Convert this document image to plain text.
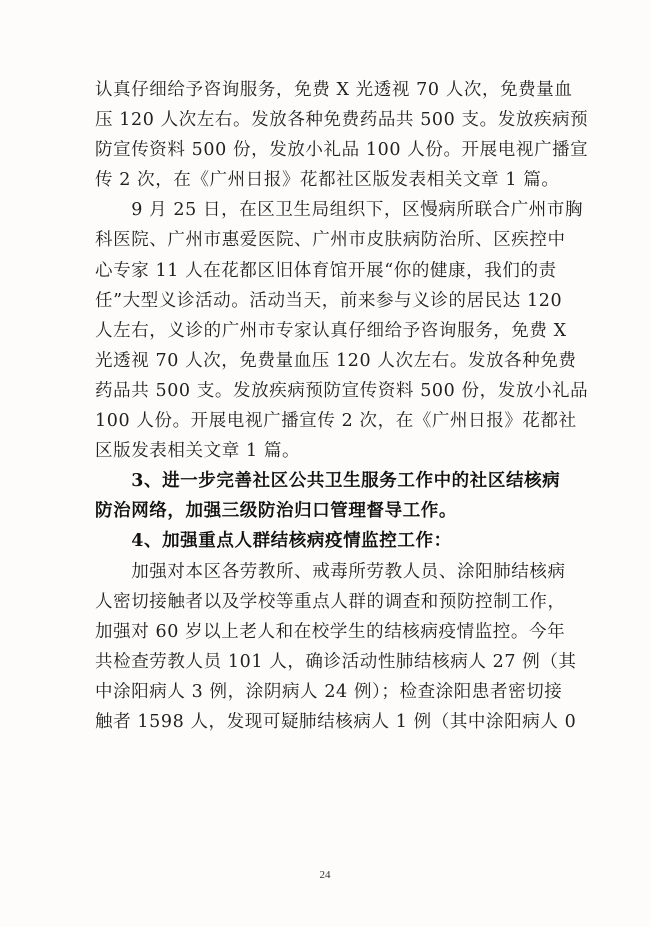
认真仔细给予咨询服务，免费 X 光透视 70 人次，免费量血
压 120 人次左右。发放各种免费药品共 500 支。发放疾病预
防宣传资料 500 份，发放小礼品 100 人份。开展电视广播宣
传 2 次，在《广州日报》花都社区版发表相关文章 1 篇。
　　9 月 25 日，在区卫生局组织下，区慢病所联合广州市胸
科医院、广州市惠爱医院、广州市皮肤病防治所、区疾控中
心专家 11 人在花都区旧体育馆开展“你的健康，我们的责
任”大型义诊活动。活动当天，前来参与义诊的居民达 120
人左右，义诊的广州市专家认真仔细给予咨询服务，免费 X
光透视 70 人次，免费量血压 120 人次左右。发放各种免费
药品共 500 支。发放疾病预防宣传资料 500 份，发放小礼品
100 人份。开展电视广播宣传 2 次，在《广州日报》花都社
区版发表相关文章 1 篇。
　　3、进一步完善社区公共卫生服务工作中的社区结核病
防治网络，加强三级防治归口管理督导工作。
　　4、加强重点人群结核病疫情监控工作：
　　加强对本区各劳教所、戒毒所劳教人员、涂阳肺结核病
人密切接触者以及学校等重点人群的调查和预防控制工作，
加强对 60 岁以上老人和在校学生的结核病疫情监控。今年
共检查劳教人员 101 人，确诊活动性肺结核病人 27 例（其
中涂阳病人 3 例，涂阴病人 24 例）；检查涂阳患者密切接
触者 1598 人，发现可疑肺结核病人 1 例（其中涂阳病人 0
24
